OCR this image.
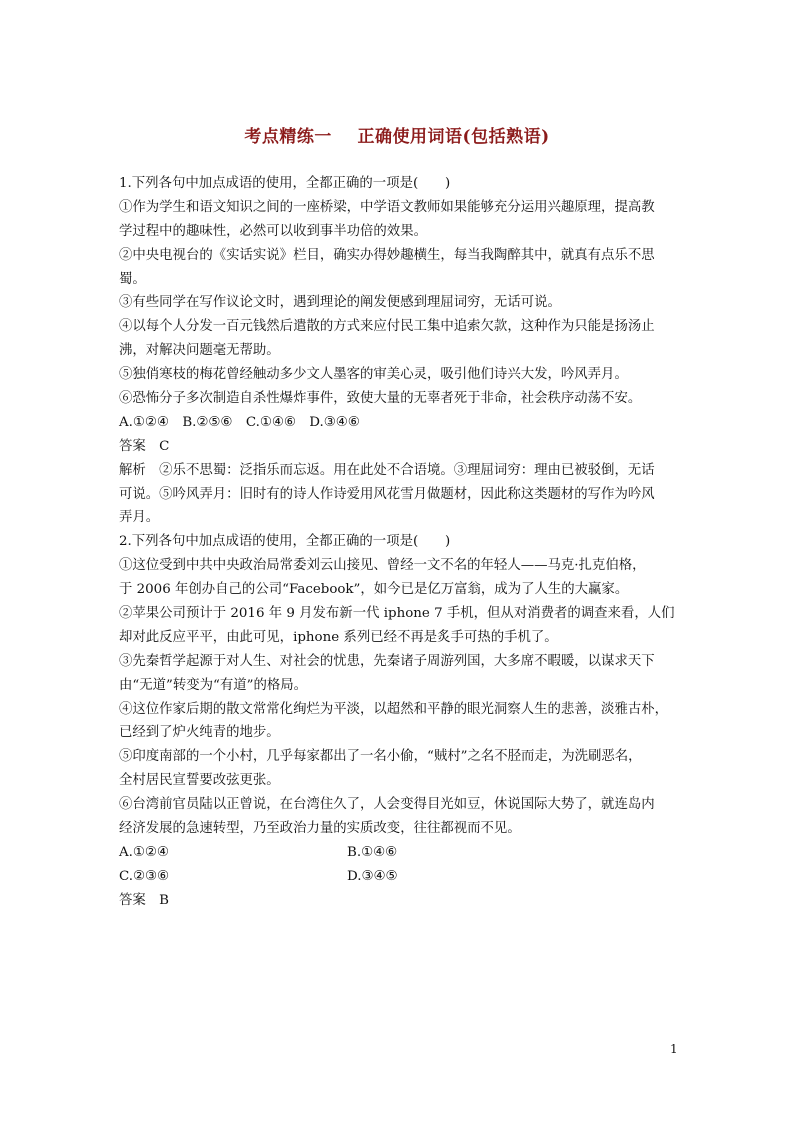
考点精练一    正确使用词语(包括熟语)
1.下列各句中加点成语的使用，全都正确的一项是(　　)
①作为学生和语文知识之间的一座桥梁，中学语文教师如果能够充分运用兴趣原理，提高教
学过程中的趣味性，必然可以收到事半功倍的效果。
②中央电视台的《实话实说》栏目，确实办得妙趣横生，每当我陶醉其中，就真有点乐不思
蜀。
③有些同学在写作议论文时，遇到理论的阐发便感到理屈词穷，无话可说。
④以每个人分发一百元钱然后遣散的方式来应付民工集中追索欠款，这种作为只能是扬汤止
沸，对解决问题毫无帮助。
⑤独俏寒枝的梅花曾经触动多少文人墨客的审美心灵，吸引他们诗兴大发，吟风弄月。
⑥恐怖分子多次制造自杀性爆炸事件，致使大量的无辜者死于非命，社会秩序动荡不安。
A.①②④　B.②⑤⑥　C.①④⑥　D.③④⑥
答案　C
解析　②乐不思蜀：泛指乐而忘返。用在此处不合语境。③理屈词穷：理由已被驳倒，无话
可说。⑤吟风弄月：旧时有的诗人作诗爱用风花雪月做题材，因此称这类题材的写作为吟风
弄月。
2.下列各句中加点成语的使用，全都正确的一项是(　　)
①这位受到中共中央政治局常委刘云山接见、曾经一文不名的年轻人——马克·扎克伯格，
于 2006 年创办自己的公司“Facebook”，如今已是亿万富翁，成为了人生的大赢家。
②苹果公司预计于 2016 年 9 月发布新一代 iphone 7 手机，但从对消费者的调查来看，人们
却对此反应平平，由此可见，iphone 系列已经不再是炙手可热的手机了。
③先秦哲学起源于对人生、对社会的忧患，先秦诸子周游列国，大多席不暇暖，以谋求天下
由“无道”转变为“有道”的格局。
④这位作家后期的散文常常化绚烂为平淡，以超然和平静的眼光洞察人生的悲善，淡雅古朴，
已经到了炉火纯青的地步。
⑤印度南部的一个小村，几乎每家都出了一名小偷，“贼村”之名不胫而走，为洗刷恶名，
全村居民宣誓要改弦更张。
⑥台湾前官员陆以正曾说，在台湾住久了，人会变得目光如豆，休说国际大势了，就连岛内
经济发展的急速转型，乃至政治力量的实质改变，往往都视而不见。
A.①②④	B.①④⑥
C.②③⑥	D.③④⑤
答案　B
1
